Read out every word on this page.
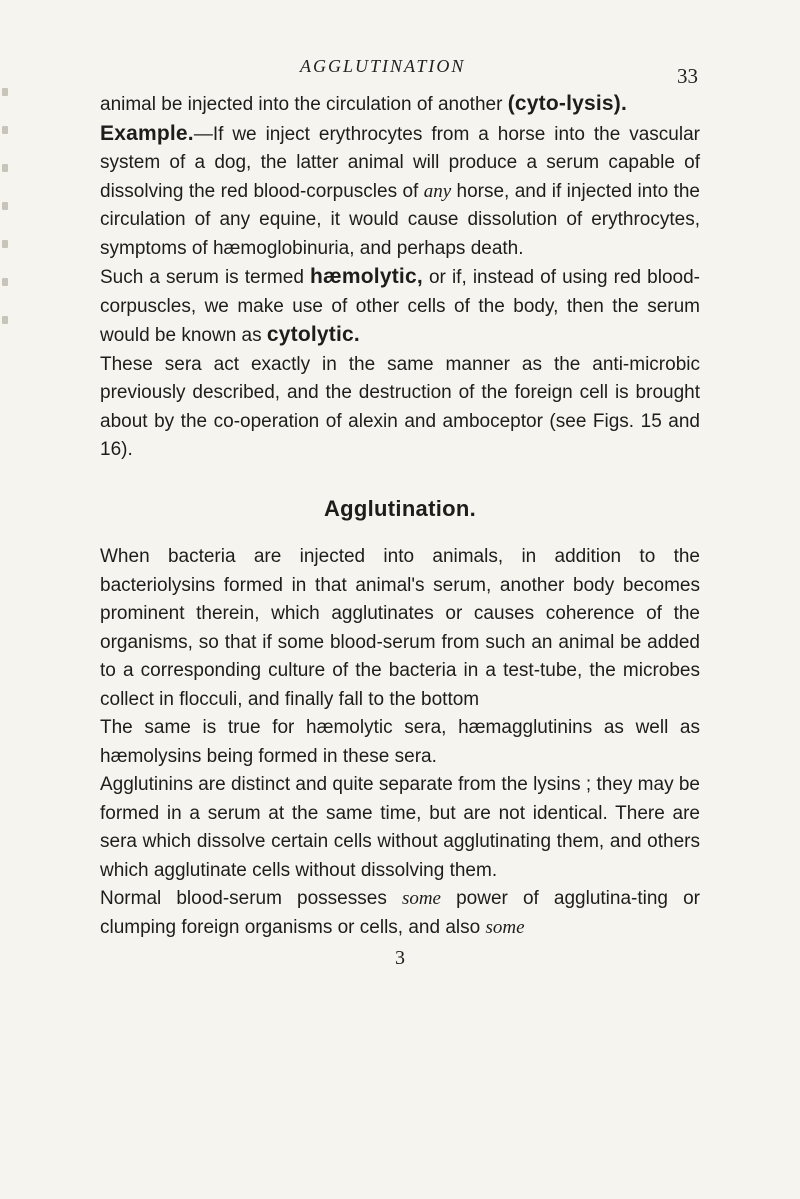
AGGLUTINATION	33

animal be injected into the circulation of another (cyto-lysis).

Example.—If we inject erythrocytes from a horse into the vascular system of a dog, the latter animal will produce a serum capable of dissolving the red blood-corpuscles of any horse, and if injected into the circulation of any equine, it would cause dissolution of erythrocytes, symptoms of hæmoglobinuria, and perhaps death.

Such a serum is termed hæmolytic, or if, instead of using red blood-corpuscles, we make use of other cells of the body, then the serum would be known as cytolytic.

These sera act exactly in the same manner as the anti-microbic previously described, and the destruction of the foreign cell is brought about by the co-operation of alexin and amboceptor (see Figs. 15 and 16).

Agglutination.

When bacteria are injected into animals, in addition to the bacteriolysins formed in that animal's serum, another body becomes prominent therein, which agglutinates or causes coherence of the organisms, so that if some blood-serum from such an animal be added to a corresponding culture of the bacteria in a test-tube, the microbes collect in flocculi, and finally fall to the bottom

The same is true for hæmolytic sera, hæmagglutinins as well as hæmolysins being formed in these sera.

Agglutinins are distinct and quite separate from the lysins ; they may be formed in a serum at the same time, but are not identical. There are sera which dissolve certain cells without agglutinating them, and others which agglutinate cells without dissolving them.

Normal blood-serum possesses some power of agglutina-ting or clumping foreign organisms or cells, and also some

3
